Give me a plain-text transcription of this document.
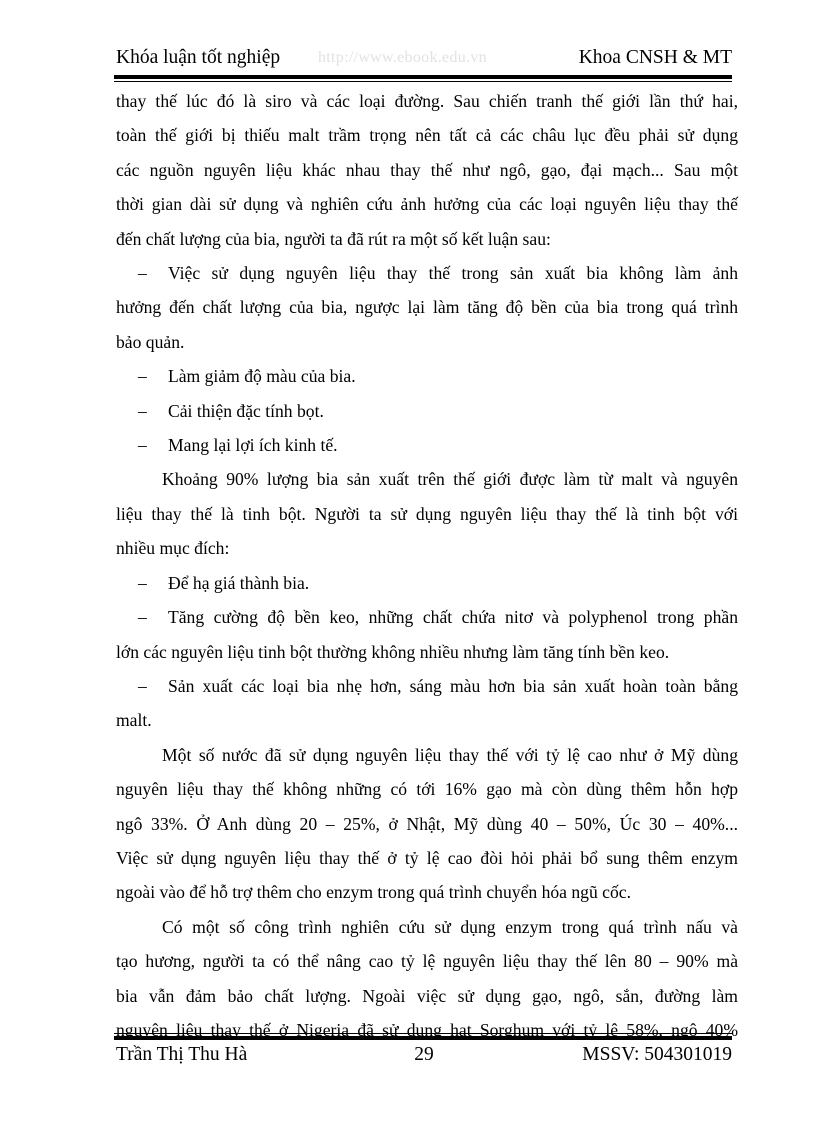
Khóa luận tốt nghiệp http://www.ebook.edu.vn	Khoa CNSH & MT

thay thế lúc đó là siro và các loại đường. Sau chiến tranh thế giới lần thứ hai,

toàn thế giới bị thiếu malt trầm trọng nên tất cả các châu lục đều phải sử dụng

các nguồn nguyên liệu khác nhau thay thế như ngô, gạo, đại mạch... Sau một

thời gian dài sử dụng và nghiên cứu ảnh hưởng của các loại nguyên liệu thay thế

đến chất lượng của bia, người ta đã rút ra một số kết luận sau:

– Việc sử dụng nguyên liệu thay thế trong sản xuất bia không làm ảnh

hưởng đến chất lượng của bia, ngược lại làm tăng độ bền của bia trong quá trình

bảo quản.

– Làm giảm độ màu của bia.

– Cải thiện đặc tính bọt.

– Mang lại lợi ích kinh tế.

Khoảng 90% lượng bia sản xuất trên thế giới được làm từ malt và nguyên

liệu thay thế là tinh bột. Người ta sử dụng nguyên liệu thay thế là tinh bột với

nhiều mục đích:

– Để hạ giá thành bia.

– Tăng cường độ bền keo, những chất chứa nitơ và polyphenol trong phần

lớn các nguyên liệu tinh bột thường không nhiều nhưng làm tăng tính bền keo.

– Sản xuất các loại bia nhẹ hơn, sáng màu hơn bia sản xuất hoàn toàn bằng

malt.

Một số nước đã sử dụng nguyên liệu thay thế với tỷ lệ cao như ở Mỹ dùng

nguyên liệu thay thế không những có tới 16% gạo mà còn dùng thêm hỗn hợp

ngô 33%. Ở Anh dùng 20 – 25%, ở Nhật, Mỹ dùng 40 – 50%, Úc 30 – 40%...

Việc sử dụng nguyên liệu thay thế ở tỷ lệ cao đòi hỏi phải bổ sung thêm enzym

ngoài vào để hỗ trợ thêm cho enzym trong quá trình chuyển hóa ngũ cốc.

Có một số công trình nghiên cứu sử dụng enzym trong quá trình nấu và

tạo hương, người ta có thể nâng cao tỷ lệ nguyên liệu thay thế lên 80 – 90% mà

bia vẫn đảm bảo chất lượng. Ngoài việc sử dụng gạo, ngô, sắn, đường làm

nguyên liệu thay thế ở Nigeria đã sử dụng hạt Sorghum với tỷ lệ 58%, ngô 40%

Trần Thị Thu Hà	29	MSSV: 504301019
